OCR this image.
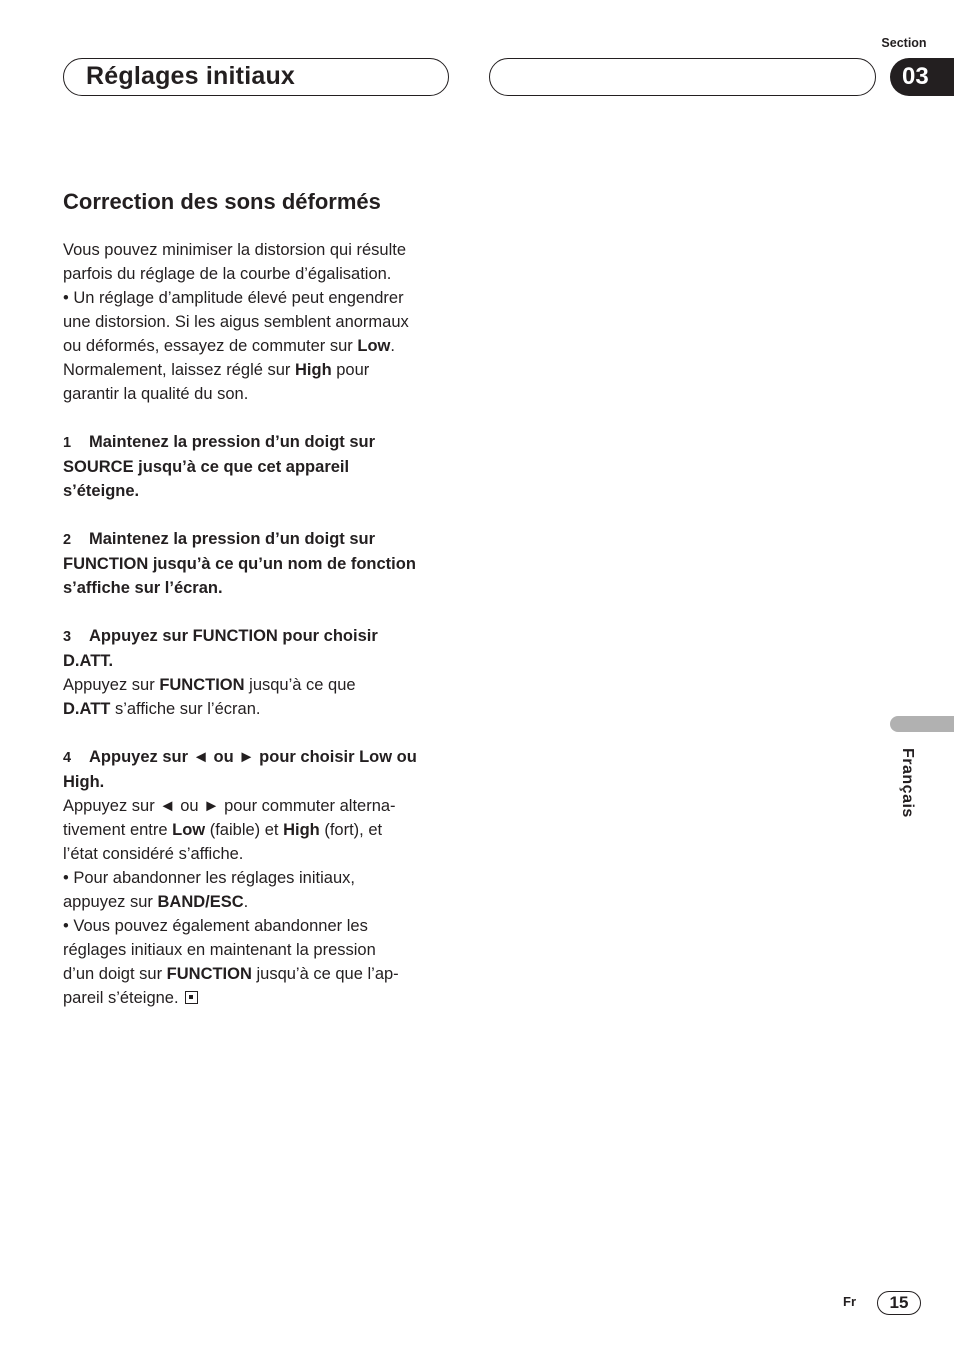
Réglages initiaux
Section
03
Français
Correction des sons déformés

Vous pouvez minimiser la distorsion qui résulte
parfois du réglage de la courbe d’égalisation.
• Un réglage d’amplitude élevé peut engendrer
une distorsion. Si les aigus semblent anormaux
ou déformés, essayez de commuter sur Low.
Normalement, laissez réglé sur High pour
garantir la qualité du son.

1 Maintenez la pression d’un doigt sur
SOURCE jusqu’à ce que cet appareil
s’éteigne.
2 Maintenez la pression d’un doigt sur
FUNCTION jusqu’à ce qu’un nom de fonction
s’affiche sur l’écran.
3 Appuyez sur FUNCTION pour choisir
D.ATT.

Appuyez sur FUNCTION jusqu’à ce que
D.ATT s’affiche sur l’écran.

4 Appuyez sur ◄ ou ► pour choisir Low ou
High.

Appuyez sur ◄ ou ► pour commuter alterna-
tivement entre Low (faible) et High (fort), et
l’état considéré s’affiche.
• Pour abandonner les réglages initiaux,
appuyez sur BAND/ESC.
• Vous pouvez également abandonner les
réglages initiaux en maintenant la pression
d’un doigt sur FUNCTION jusqu’à ce que l’ap-
pareil s’éteigne.

Fr	15
